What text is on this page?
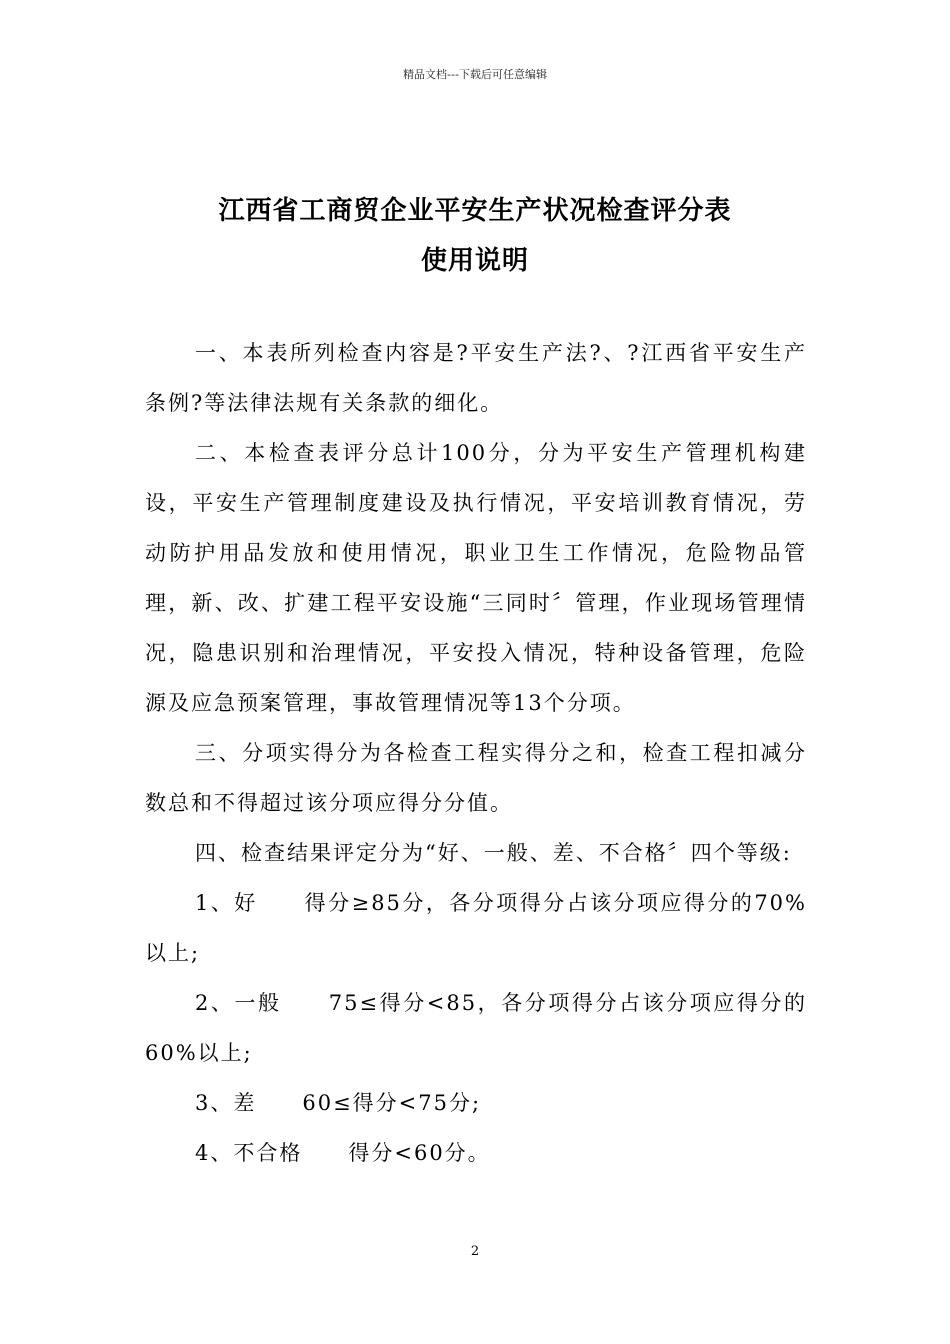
精品文档---下载后可任意编辑
江西省工商贸企业平安生产状况检查评分表
使用说明

一、本表所列检查内容是?平安生产法?、?江西省平安生产条例?等法律法规有关条款的细化。

二、本检查表评分总计100分，分为平安生产管理机构建设，平安生产管理制度建设及执行情况，平安培训教育情况，劳动防护用品发放和使用情况，职业卫生工作情况，危险物品管理，新、改、扩建工程平安设施“三同时〞管理，作业现场管理情况，隐患识别和治理情况，平安投入情况，特种设备管理，危险源及应急预案管理，事故管理情况等13个分项。

三、分项实得分为各检查工程实得分之和，检查工程扣减分数总和不得超过该分项应得分分值。

四、检查结果评定分为“好、一般、差、不合格〞四个等级:

1、好　　得分≥85分，各分项得分占该分项应得分的70%以上;

2、一般　　75≤得分<85，各分项得分占该分项应得分的60%以上;

3、差　　60≤得分<75分;

4、不合格　　得分<60分。

2
